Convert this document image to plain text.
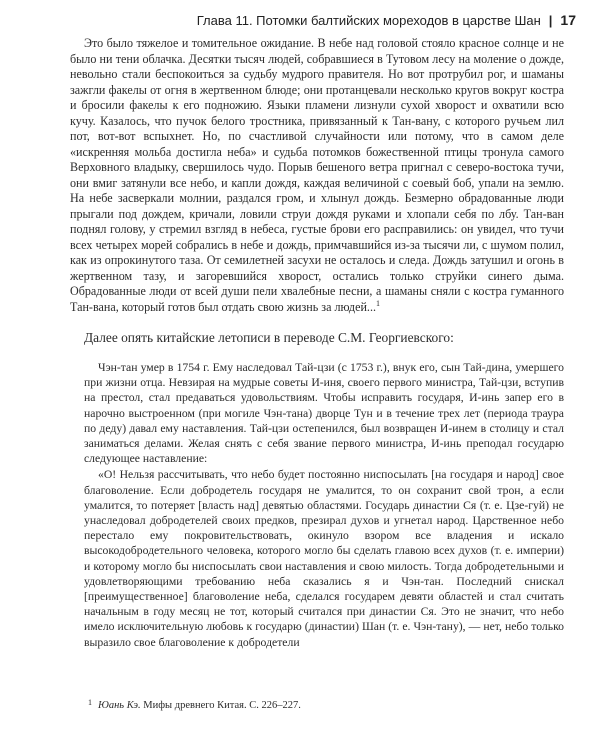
Глава 11. Потомки балтийских мореходов в царстве Шан | 17

Это было тяжелое и томительное ожидание. В небе над головой стояло красное солнце и не было ни тени облачка. Десятки тысяч людей, собравшиеся в Тутовом лесу на моление о дожде, невольно стали беспокоиться за судьбу мудрого правителя. Но вот протрубил рог, и шаманы зажгли факелы от огня в жертвенном блюде; они протанцевали несколько кругов вокруг костра и бросили факелы к его подножию. Языки пламени лизнули сухой хворост и охватили всю кучу. Казалось, что пучок белого тростника, привязанный к Тан-вану, с которого ручьем лил пот, вот-вот вспыхнет. Но, по счастливой случайности или потому, что в самом деле «искренняя мольба достигла неба» и судьба потомков божественной птицы тронула самого Верховного владыку, свершилось чудо. Порыв бешеного ветра пригнал с северо-востока тучи, они вмиг затянули все небо, и капли дождя, каждая величиной с соевый боб, упали на землю. На небе засверкали молнии, раздался гром, и хлынул дождь. Безмерно обрадованные люди прыгали под дождем, кричали, ловили струи дождя руками и хлопали себя по лбу. Тан-ван поднял голову, у стремил взгляд в небеса, густые брови его расправились: он увидел, что тучи всех четырех морей собрались в небе и дождь, примчавшийся из-за тысячи ли, с шумом полил, как из опрокинутого таза. От семилетней засухи не осталось и следа. Дождь затушил и огонь в жертвенном тазу, и загоревшийся хворост, остались только струйки синего дыма. Обрадованные люди от всей души пели хвалебные песни, а шаманы сняли с костра гуманного Тан-вана, который готов был отдать свою жизнь за людей...$^1$

Далее опять китайские летописи в переводе С.М. Георгиевского:

Чэн-тан умер в 1754 г. Ему наследовал Тай-цзи (с 1753 г.), внук его, сын Тай-дина, умершего при жизни отца. Невзирая на мудрые советы И-иня, своего первого министра, Тай-цзи, вступив на престол, стал предаваться удовольствиям. Чтобы исправить государя, И-инь запер его в нарочно выстроенном (при могиле Чэн-тана) дворце Тун и в течение трех лет (периода траура по деду) давал ему наставления. Тай-цзи остепенился, был возвращен И-инем в столицу и стал заниматься делами. Желая снять с себя звание первого министра, И-инь преподал государю следующее наставление:

«О! Нельзя рассчитывать, что небо будет постоянно ниспосылать [на государя и народ] свое благоволение. Если добродетель государя не умалится, то он сохранит свой трон, а если умалится, то потеряет [власть над] девятью областями. Государь династии Ся (т. е. Цзе-гуй) не унаследовал добродетелей своих предков, презирал духов и угнетал народ. Царственное небо перестало ему покровительствовать, окинуло взором все владения и искало высокодобродетельного человека, которого могло бы сделать главою всех духов (т. е. империи) и которому могло бы ниспосылать свои наставления и свою милость. Тогда добродетельными и удовлетворяющими требованию неба сказались я и Чэн-тан. Последний снискал [преимущественное] благоволение неба, сделался государем девяти областей и стал считать начальным в году месяц не тот, который считался при династии Ся. Это не значит, что небо имело исключительную любовь к государю (династии) Шан (т. е. Чэн-тану), — нет, небо только выразило свое благоволение к добродетели

$^1$ Юань Кэ. Мифы древнего Китая. С. 226–227.
